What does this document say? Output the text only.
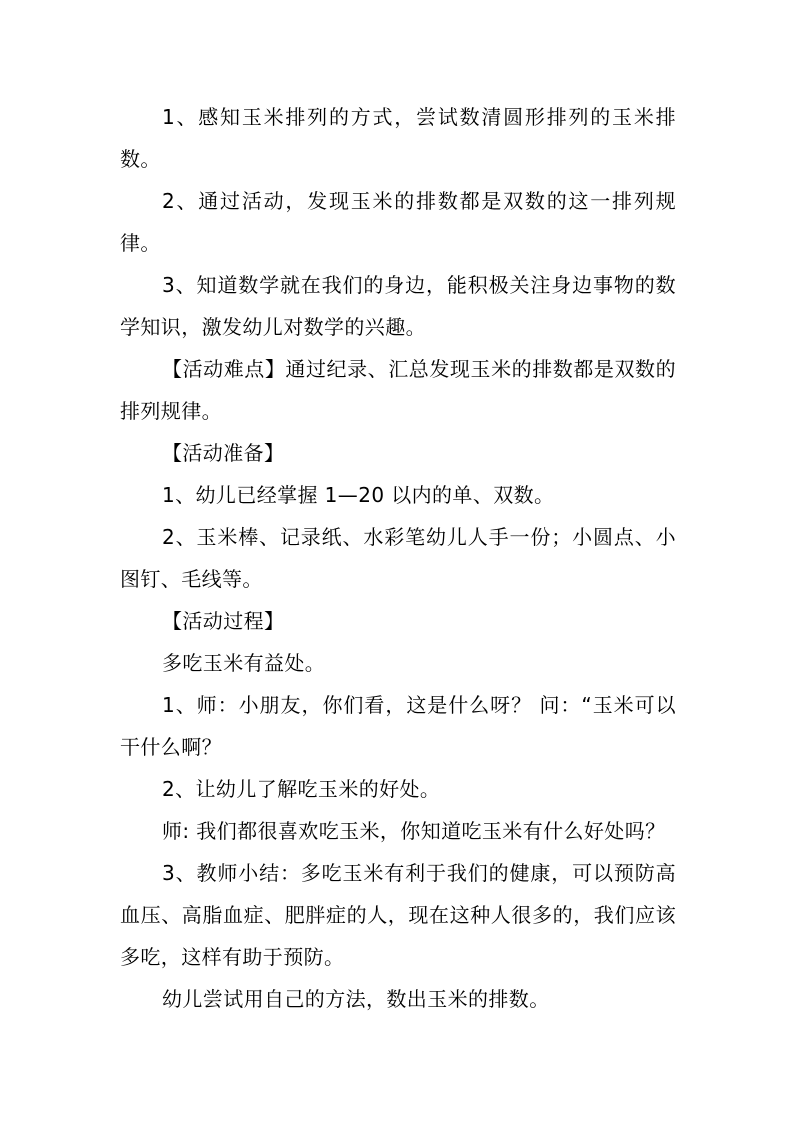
1、感知玉米排列的方式，尝试数清圆形排列的玉米排数。

2、通过活动，发现玉米的排数都是双数的这一排列规律。

3、知道数学就在我们的身边，能积极关注身边事物的数学知识，激发幼儿对数学的兴趣。

【活动难点】通过纪录、汇总发现玉米的排数都是双数的排列规律。

【活动准备】

1、幼儿已经掌握 1—20 以内的单、双数。

2、玉米棒、记录纸、水彩笔幼儿人手一份；小圆点、小图钉、毛线等。

【活动过程】

多吃玉米有益处。

1、师：小朋友，你们看，这是什么呀？ 问：“玉米可以干什么啊？

2、让幼儿了解吃玉米的好处。

师: 我们都很喜欢吃玉米，你知道吃玉米有什么好处吗？

3、教师小结：多吃玉米有利于我们的健康，可以预防高血压、高脂血症、肥胖症的人，现在这种人很多的，我们应该多吃，这样有助于预防。

幼儿尝试用自己的方法，数出玉米的排数。
